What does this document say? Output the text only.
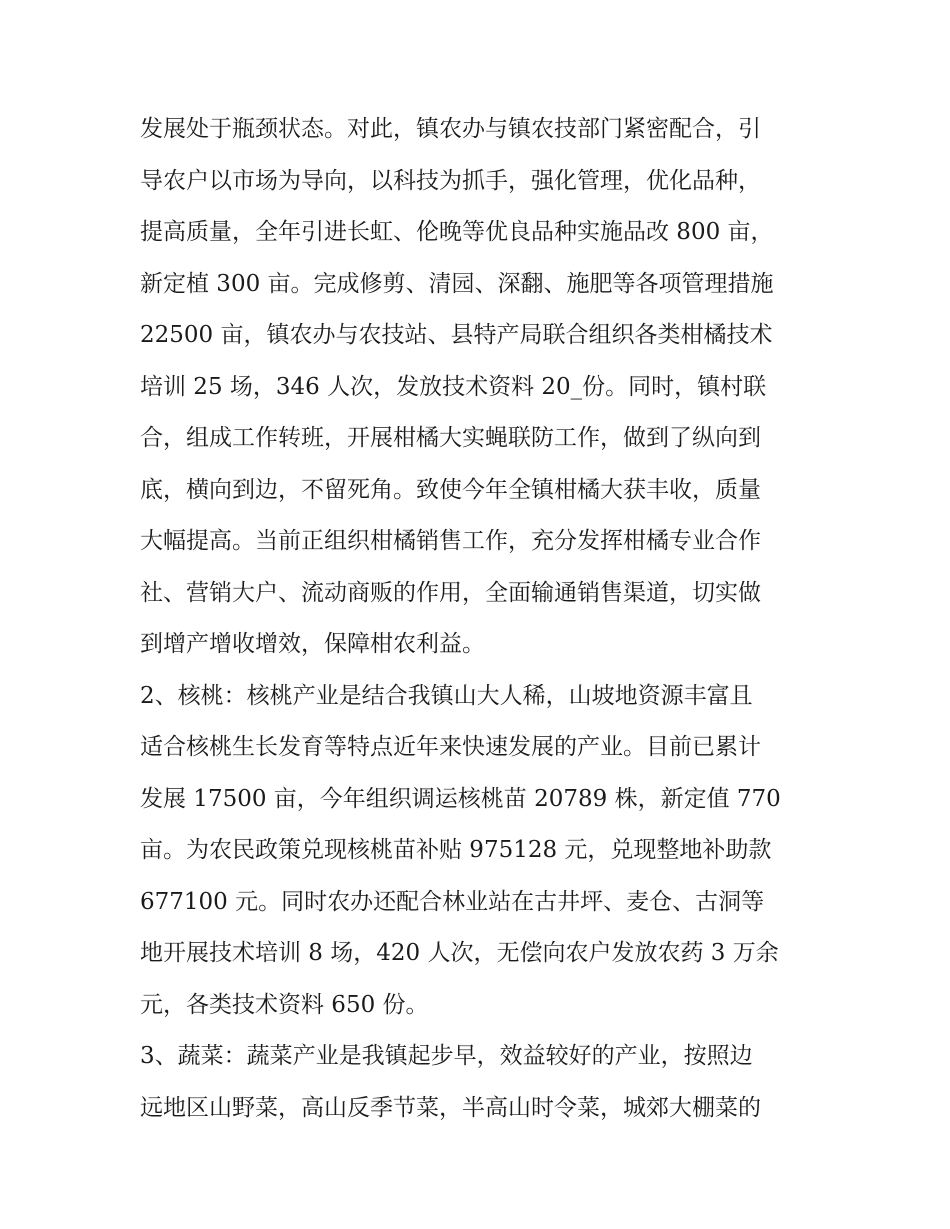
发展处于瓶颈状态。对此，镇农办与镇农技部门紧密配合，引
导农户以市场为导向，以科技为抓手，强化管理，优化品种，
提高质量，全年引进长虹、伦晚等优良品种实施品改 800 亩，
新定植 300 亩。完成修剪、清园、深翻、施肥等各项管理措施
22500 亩，镇农办与农技站、县特产局联合组织各类柑橘技术
培训 25 场，346 人次，发放技术资料 20_份。同时，镇村联
合，组成工作转班，开展柑橘大实蝇联防工作，做到了纵向到
底，横向到边，不留死角。致使今年全镇柑橘大获丰收，质量
大幅提高。当前正组织柑橘销售工作，充分发挥柑橘专业合作
社、营销大户、流动商贩的作用，全面输通销售渠道，切实做
到增产增收增效，保障柑农利益。
2、核桃：核桃产业是结合我镇山大人稀，山坡地资源丰富且
适合核桃生长发育等特点近年来快速发展的产业。目前已累计
发展 17500 亩，今年组织调运核桃苗 20789 株，新定值 770
亩。为农民政策兑现核桃苗补贴 975128 元，兑现整地补助款
677100 元。同时农办还配合林业站在古井坪、麦仓、古洞等
地开展技术培训 8 场，420 人次，无偿向农户发放农药 3 万余
元，各类技术资料 650 份。
3、蔬菜：蔬菜产业是我镇起步早，效益较好的产业，按照边
远地区山野菜，高山反季节菜，半高山时令菜，城郊大棚菜的
